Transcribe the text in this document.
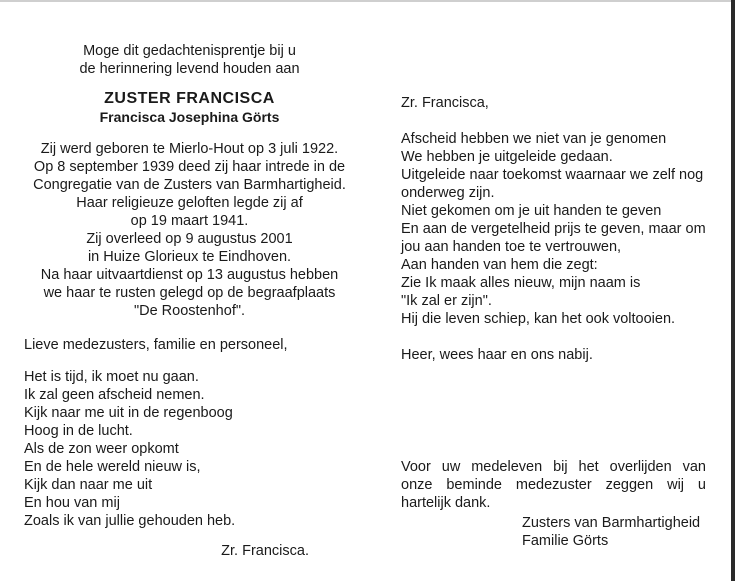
Moge dit gedachtenisprentje bij u
de herinnering levend houden aan
ZUSTER FRANCISCA
Francisca Josephina Görts
Zij werd geboren te Mierlo-Hout op 3 juli 1922.
Op 8 september 1939 deed zij haar intrede in de
Congregatie van de Zusters van Barmhartigheid.
Haar religieuze geloften legde zij af
op 19 maart 1941.
Zij overleed op 9 augustus 2001
in Huize Glorieux te Eindhoven.
Na haar uitvaartdienst op 13 augustus hebben
we haar te rusten gelegd op de begraafplaats
"De Roostenhof".
Lieve medezusters, familie en personeel,
Het is tijd, ik moet nu gaan.
Ik zal geen afscheid nemen.
Kijk naar me uit in de regenboog
Hoog in de lucht.
Als de zon weer opkomt
En de hele wereld nieuw is,
Kijk dan naar me uit
En hou van mij
Zoals ik van jullie gehouden heb.
Zr. Francisca.
Zr. Francisca,
Afscheid hebben we niet van je genomen
We hebben je uitgeleide gedaan.
Uitgeleide naar toekomst waarnaar we zelf nog
onderweg zijn.
Niet gekomen om je uit handen te geven
En aan de vergetelheid prijs te geven, maar om
jou aan handen toe te vertrouwen,
Aan handen van hem die zegt:
Zie Ik maak alles nieuw, mijn naam is
"Ik zal er zijn".
Hij die leven schiep, kan het ook voltooien.
Heer, wees haar en ons nabij.
Voor uw medeleven bij het overlijden van
onze beminde medezuster zeggen wij u
hartelijk dank.
Zusters van Barmhartigheid
Familie Görts
